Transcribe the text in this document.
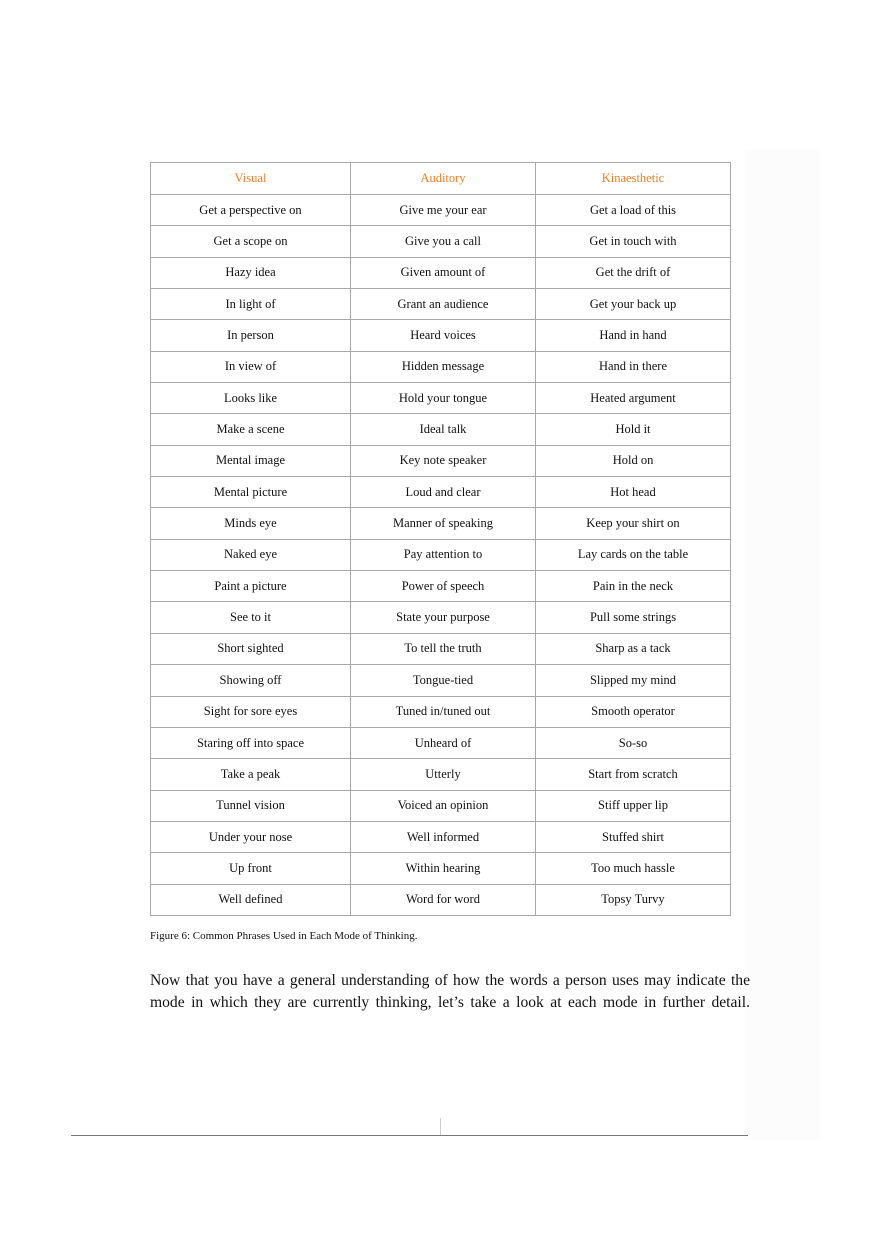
Visual	Auditory	Kinaesthetic
Get a perspective on	Give me your ear	Get a load of this
Get a scope on	Give you a call	Get in touch with
Hazy idea	Given amount of	Get the drift of
In light of	Grant an audience	Get your back up
In person	Heard voices	Hand in hand
In view of	Hidden message	Hand in there
Looks like	Hold your tongue	Heated argument
Make a scene	Ideal talk	Hold it
Mental image	Key note speaker	Hold on
Mental picture	Loud and clear	Hot head
Minds eye	Manner of speaking	Keep your shirt on
Naked eye	Pay attention to	Lay cards on the table
Paint a picture	Power of speech	Pain in the neck
See to it	State your purpose	Pull some strings
Short sighted	To tell the truth	Sharp as a tack
Showing off	Tongue-tied	Slipped my mind
Sight for sore eyes	Tuned in/tuned out	Smooth operator
Staring off into space	Unheard of	So-so
Take a peak	Utterly	Start from scratch
Tunnel vision	Voiced an opinion	Stiff upper lip
Under your nose	Well informed	Stuffed shirt
Up front	Within hearing	Too much hassle
Well defined	Word for word	Topsy Turvy
Figure 6: Common Phrases Used in Each Mode of Thinking.
Now that you have a general understanding of how the words a person uses may indicate the
mode in which they are currently thinking, let’s take a look at each mode in further detail.
